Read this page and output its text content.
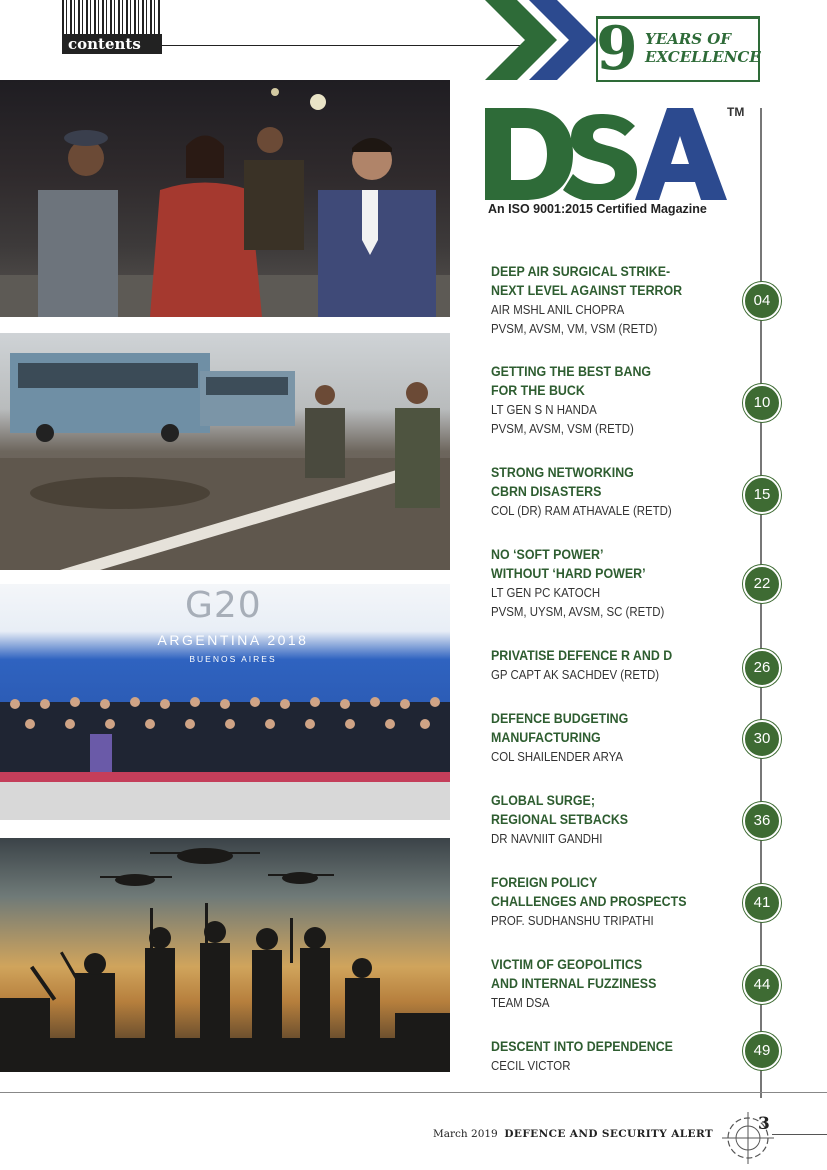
contents	9 YEARS OF
EXCELLENCE
TM
An ISO 9001:2015 Certified Magazine
G20
ARGENTINA 2018
BUENOS AIRES
DEEP AIR SURGICAL STRIKE-
NEXT LEVEL AGAINST TERROR
AIR MSHL ANIL CHOPRA
PVSM, AVSM, VM, VSM (RETD)
04
GETTING THE BEST BANG
FOR THE BUCK
LT GEN S N HANDA
PVSM, AVSM, VSM (RETD)
10
STRONG NETWORKING
CBRN DISASTERS
COL (DR) RAM ATHAVALE (RETD)
15
NO ‘SOFT POWER’
WITHOUT ‘HARD POWER’
LT GEN PC KATOCH
PVSM, UYSM, AVSM, SC (RETD)
22
PRIVATISE DEFENCE R AND D
GP CAPT AK SACHDEV (RETD)	26
DEFENCE BUDGETING
MANUFACTURING
COL SHAILENDER ARYA
30
GLOBAL SURGE;
REGIONAL SETBACKS
DR NAVNIIT GANDHI
36
FOREIGN POLICY
CHALLENGES AND PROSPECTS
PROF. SUDHANSHU TRIPATHI
41
VICTIM OF GEOPOLITICS
AND INTERNAL FUZZINESS
TEAM DSA
44
DESCENT INTO DEPENDENCE
CECIL VICTOR
49
March 2019 DEFENCE AND SECURITY ALERT	3
